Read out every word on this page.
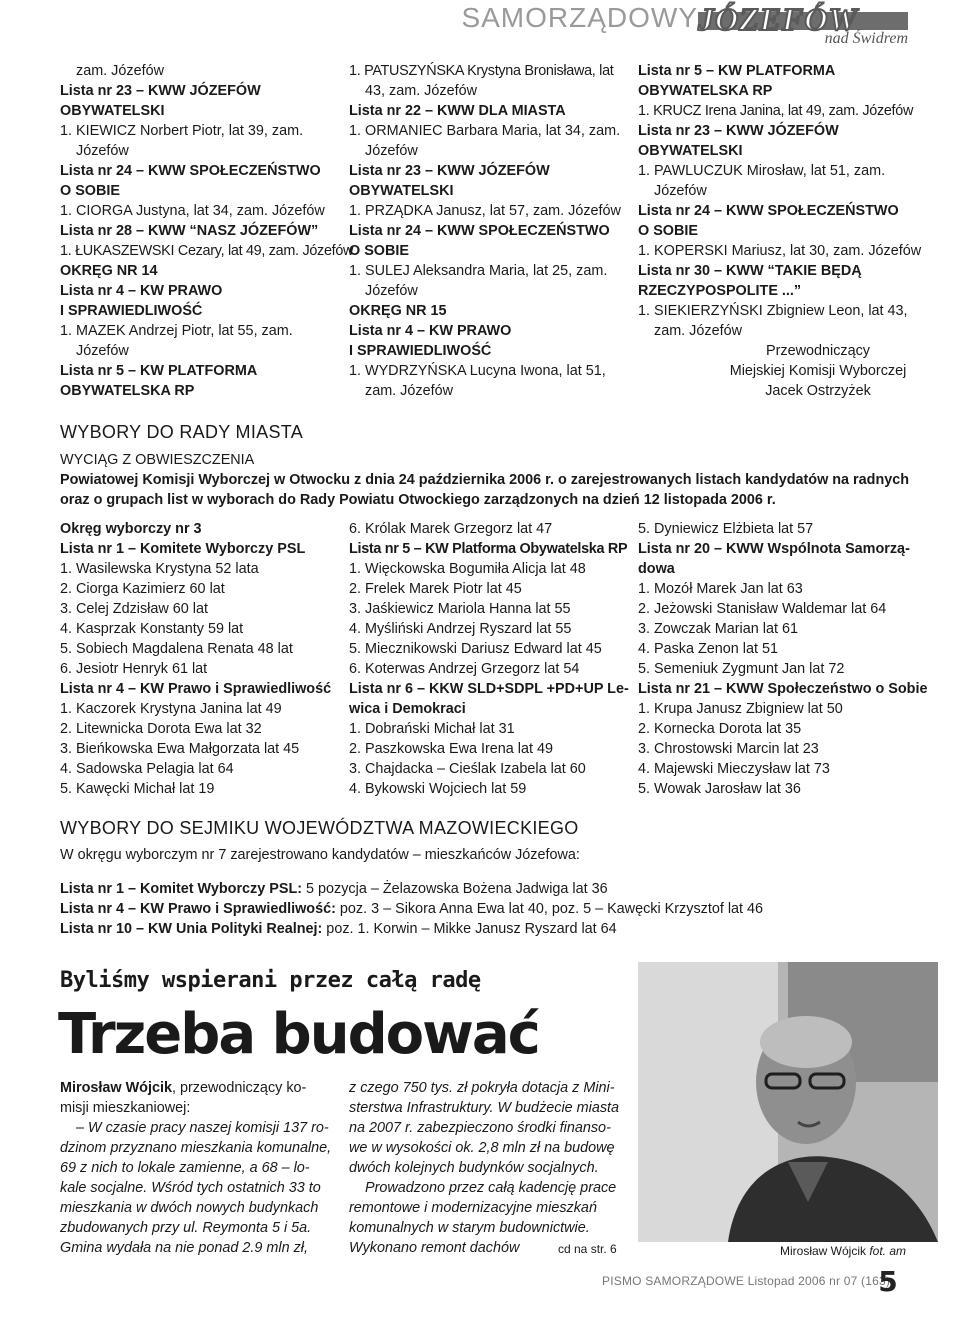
SAMORZĄDOWY JÓZEFÓW
nad Świdrem
zam. Józefów
Lista nr 23 – KWW JÓZEFÓW
OBYWATELSKI
1. KIEWICZ Norbert Piotr, lat 39, zam.
Józefów
Lista nr 24 – KWW SPOŁECZEŃSTWO
O SOBIE
1. CIORGA Justyna, lat 34, zam. Józefów
Lista nr 28 – KWW “NASZ JÓZEFÓW”
1. ŁUKASZEWSKI Cezary, lat 49, zam. Józefów
OKRĘG NR 14
Lista nr 4 – KW PRAWO
I SPRAWIEDLIWOŚĆ
1. MAZEK Andrzej Piotr, lat 55, zam.
Józefów
Lista nr 5 – KW PLATFORMA
OBYWATELSKA RP
1. PATUSZYŃSKA Krystyna Bronisława, lat
43, zam. Józefów
Lista nr 22 – KWW DLA MIASTA
1. ORMANIEC Barbara Maria, lat 34, zam.
Józefów
Lista nr 23 – KWW JÓZEFÓW
OBYWATELSKI
1. PRZĄDKA Janusz, lat 57, zam. Józefów
Lista nr 24 – KWW SPOŁECZEŃSTWO
O SOBIE
1. SULEJ Aleksandra Maria, lat 25, zam.
Józefów
OKRĘG NR 15
Lista nr 4 – KW PRAWO
I SPRAWIEDLIWOŚĆ
1. WYDRZYŃSKA Lucyna Iwona, lat 51,
zam. Józefów
Lista nr 5 – KW PLATFORMA
OBYWATELSKA RP
1. KRUCZ Irena Janina, lat 49, zam. Józefów
Lista nr 23 – KWW JÓZEFÓW
OBYWATELSKI
1. PAWLUCZUK Mirosław, lat 51, zam.
Józefów
Lista nr 24 – KWW SPOŁECZEŃSTWO
O SOBIE
1. KOPERSKI Mariusz, lat 30, zam. Józefów
Lista nr 30 – KWW “TAKIE BĘDĄ
RZECZYPOSPOLITE ...”
1. SIEKIERZYŃSKI Zbigniew Leon, lat 43,
zam. Józefów
Przewodniczący
Miejskiej Komisji Wyborczej
Jacek Ostrzyżek
WYBORY DO RADY MIASTA
WYCIĄG Z OBWIESZCZENIA
Powiatowej Komisji Wyborczej w Otwocku z dnia 24 października 2006 r. o zarejestrowanych listach kandydatów na radnych
oraz o grupach list w wyborach do Rady Powiatu Otwockiego zarządzonych na dzień 12 listopada 2006 r.
Okręg wyborczy nr 3
Lista nr 1 – Komitete Wyborczy PSL
1. Wasilewska Krystyna 52 lata
2. Ciorga Kazimierz 60 lat
3. Celej Zdzisław 60 lat
4. Kasprzak Konstanty 59 lat
5. Sobiech Magdalena Renata 48 lat
6. Jesiotr Henryk 61 lat
Lista nr 4 – KW Prawo i Sprawiedliwość
1. Kaczorek Krystyna Janina lat 49
2. Litewnicka Dorota Ewa lat 32
3. Bieńkowska Ewa Małgorzata lat 45
4. Sadowska Pelagia lat 64
5. Kawęcki Michał lat 19
6. Królak Marek Grzegorz lat 47
Lista nr 5 – KW Platforma Obywatelska RP
1. Więckowska Bogumiła Alicja lat 48
2. Frelek Marek Piotr lat 45
3. Jaśkiewicz Mariola Hanna lat 55
4. Myśliński Andrzej Ryszard lat 55
5. Miecznikowski Dariusz Edward lat 45
6. Koterwas Andrzej Grzegorz lat 54
Lista nr 6 – KKW SLD+SDPL +PD+UP Le-
wica i Demokraci
1. Dobrański Michał lat 31
2. Paszkowska Ewa Irena lat 49
3. Chajdacka – Cieślak Izabela lat 60
4. Bykowski Wojciech lat 59
5. Dyniewicz Elżbieta lat 57
Lista nr 20 – KWW Wspólnota Samorzą-
dowa
1. Mozół Marek Jan lat 63
2. Jeżowski Stanisław Waldemar lat 64
3. Zowczak Marian lat 61
4. Paska Zenon lat 51
5. Semeniuk Zygmunt Jan lat 72
Lista nr 21 – KWW Społeczeństwo o Sobie
1. Krupa Janusz Zbigniew lat 50
2. Kornecka Dorota lat 35
3. Chrostowski Marcin lat 23
4. Majewski Mieczysław lat 73
5. Wowak Jarosław lat 36
WYBORY DO SEJMIKU WOJEWÓDZTWA MAZOWIECKIEGO
W okręgu wyborczym nr 7 zarejestrowano kandydatów – mieszkańców Józefowa:
Lista nr 1 – Komitet Wyborczy PSL: 5 pozycja – Żelazowska Bożena Jadwiga lat 36
Lista nr 4 – KW Prawo i Sprawiedliwość: poz. 3 – Sikora Anna Ewa lat 40, poz. 5 – Kawęcki Krzysztof lat 46
Lista nr 10 – KW Unia Polityki Realnej: poz. 1. Korwin – Mikke Janusz Ryszard lat 64
Byliśmy wspierani przez całą radę
Trzeba budować
Mirosław Wójcik, przewodniczący ko-
misji mieszkaniowej:
– W czasie pracy naszej komisji 137 ro-
dzinom przyznano mieszkania komunalne,
69 z nich to lokale zamienne, a 68 – lo-
kale socjalne. Wśród tych ostatnich 33 to
mieszkania w dwóch nowych budynkach
zbudowanych przy ul. Reymonta 5 i 5a.
Gmina wydała na nie ponad 2.9 mln zł,
z czego 750 tys. zł pokryła dotacja z Mini-
sterstwa Infrastruktury. W budżecie miasta
na 2007 r. zabezpieczono środki finanso-
we w wysokości ok. 2,8 mln zł na budowę
dwóch kolejnych budynków socjalnych.
Prowadzono przez całą kadencję prace
remontowe i modernizacyjne mieszkań
komunalnych w starym budownictwie.
Wykonano remont dachów	cd na str. 6	Mirosław Wójcik fot. am
PISMO SAMORZĄDOWE Listopad 2006 nr 07 (163)
5
